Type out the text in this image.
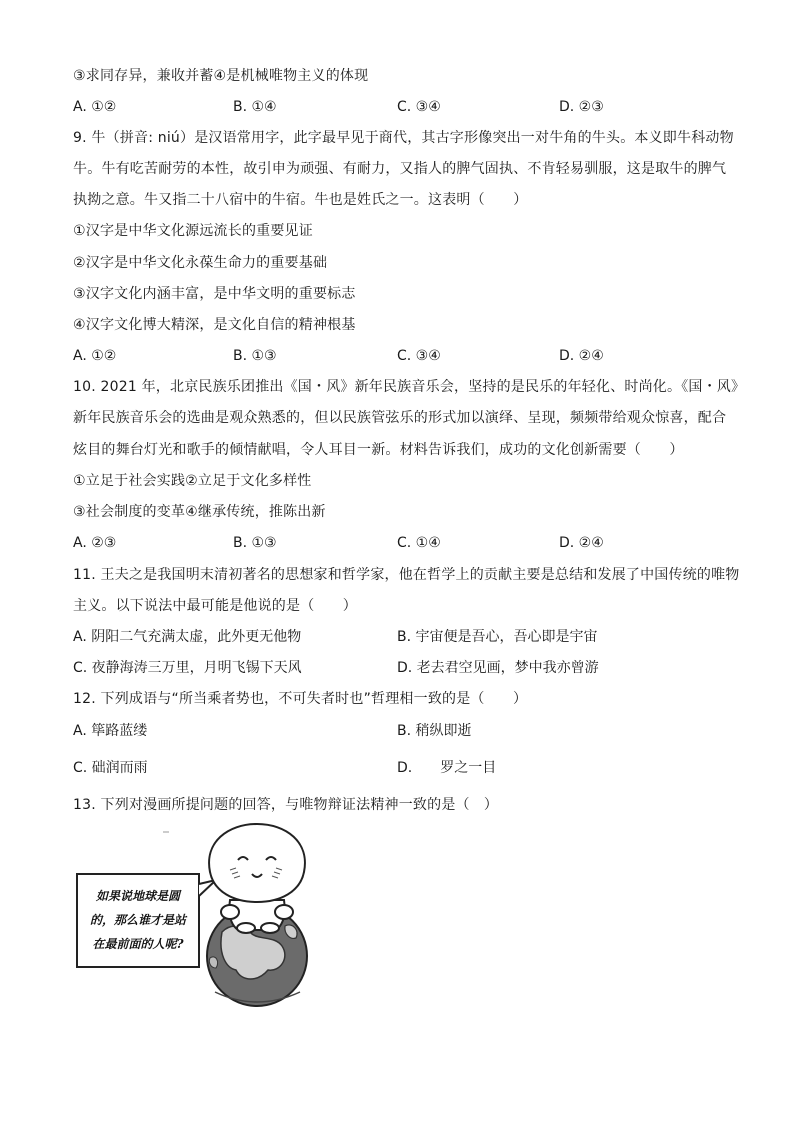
③求同存异，兼收并蓄④是机械唯物主义的体现
A. ①②	B. ①④	C. ③④	D. ②③
9. 牛（拼音: niú）是汉语常用字，此字最早见于商代，其古字形像突出一对牛角的牛头。本义即牛科动物
牛。牛有吃苦耐劳的本性，故引申为顽强、有耐力，又指人的脾气固执、不肯轻易驯服，这是取牛的脾气
执拗之意。牛又指二十八宿中的牛宿。牛也是姓氏之一。这表明（　　）
①汉字是中华文化源远流长的重要见证
②汉字是中华文化永葆生命力的重要基础
③汉字文化内涵丰富，是中华文明的重要标志
④汉字文化博大精深，是文化自信的精神根基
A. ①②	B. ①③	C. ③④	D. ②④
10. 2021 年，北京民族乐团推出《国・风》新年民族音乐会，坚持的是民乐的年轻化、时尚化。《国・风》
新年民族音乐会的选曲是观众熟悉的，但以民族管弦乐的形式加以演绎、呈现，频频带给观众惊喜，配合
炫目的舞台灯光和歌手的倾情献唱，令人耳目一新。材料告诉我们，成功的文化创新需要（　　）
①立足于社会实践②立足于文化多样性
③社会制度的变革④继承传统，推陈出新
A. ②③	B. ①③	C. ①④	D. ②④
11. 王夫之是我国明末清初著名的思想家和哲学家，他在哲学上的贡献主要是总结和发展了中国传统的唯物
主义。以下说法中最可能是他说的是（　　）
A. 阴阳二气充满太虚，此外更无他物	B. 宇宙便是吾心，吾心即是宇宙
C. 夜静海涛三万里，月明飞锡下天风	D. 老去君空见画，梦中我亦曾游
12. 下列成语与“所当乘者势也，不可失者时也”哲理相一致的是（　　）
A. 筚路蓝缕	B. 稍纵即逝
C. 础润而雨	D.　　罗之一目
13. 下列对漫画所提问题的回答，与唯物辩证法精神一致的是（　）
如果说地球是圆
的，那么谁才是站
在最前面的人呢?
